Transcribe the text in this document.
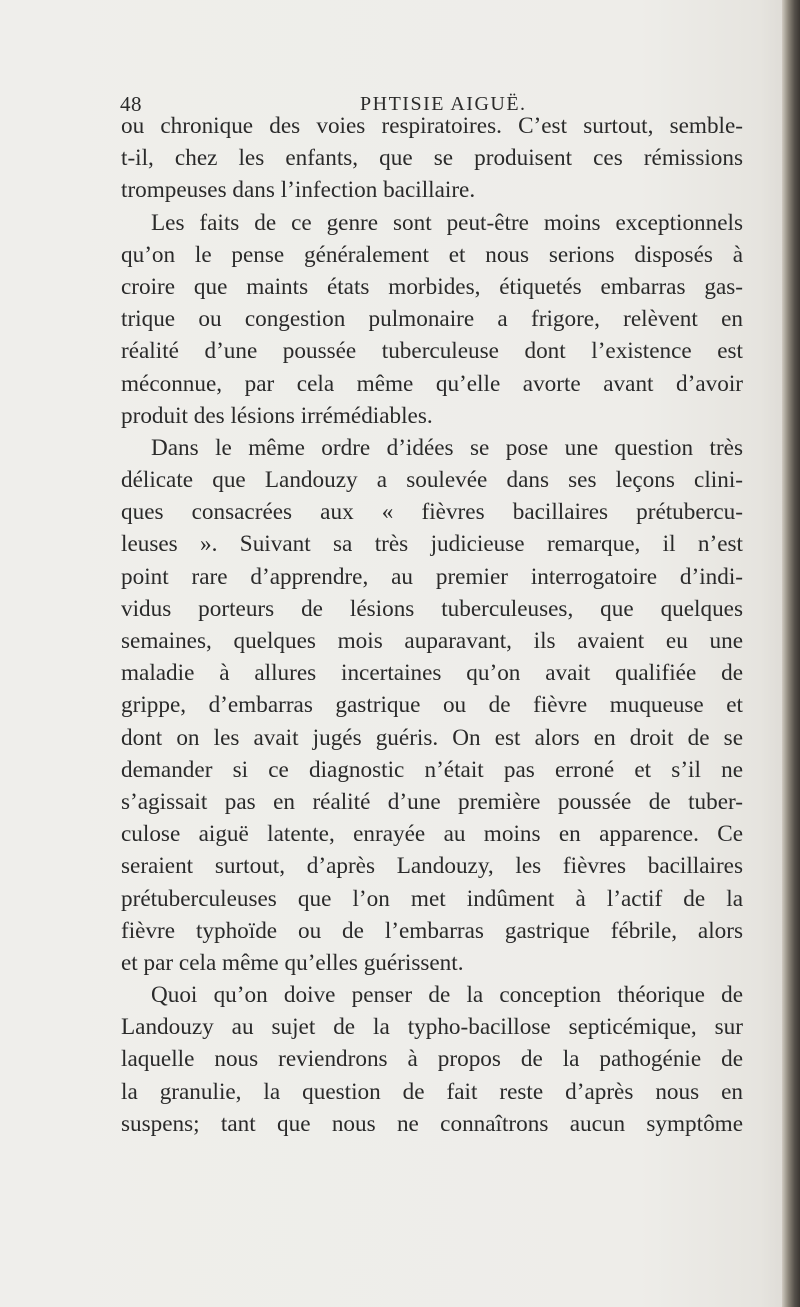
48	PHTISIE AIGUË.
ou chronique des voies respiratoires. C’est surtout, semble-
t-il, chez les enfants, que se produisent ces rémissions
trompeuses dans l’infection bacillaire.
Les faits de ce genre sont peut-être moins exceptionnels
qu’on le pense généralement et nous serions disposés à
croire que maints états morbides, étiquetés embarras gas-
trique ou congestion pulmonaire a frigore, relèvent en
réalité d’une poussée tuberculeuse dont l’existence est
méconnue, par cela même qu’elle avorte avant d’avoir
produit des lésions irrémédiables.
Dans le même ordre d’idées se pose une question très
délicate que Landouzy a soulevée dans ses leçons clini-
ques consacrées aux « fièvres bacillaires prétubercu-
leuses ». Suivant sa très judicieuse remarque, il n’est
point rare d’apprendre, au premier interrogatoire d’indi-
vidus porteurs de lésions tuberculeuses, que quelques
semaines, quelques mois auparavant, ils avaient eu une
maladie à allures incertaines qu’on avait qualifiée de
grippe, d’embarras gastrique ou de fièvre muqueuse et
dont on les avait jugés guéris. On est alors en droit de se
demander si ce diagnostic n’était pas erroné et s’il ne
s’agissait pas en réalité d’une première poussée de tuber-
culose aiguë latente, enrayée au moins en apparence. Ce
seraient surtout, d’après Landouzy, les fièvres bacillaires
prétuberculeuses que l’on met indûment à l’actif de la
fièvre typhoïde ou de l’embarras gastrique fébrile, alors
et par cela même qu’elles guérissent.
Quoi qu’on doive penser de la conception théorique de
Landouzy au sujet de la typho-bacillose septicémique, sur
laquelle nous reviendrons à propos de la pathogénie de
la granulie, la question de fait reste d’après nous en
suspens; tant que nous ne connaîtrons aucun symptôme
